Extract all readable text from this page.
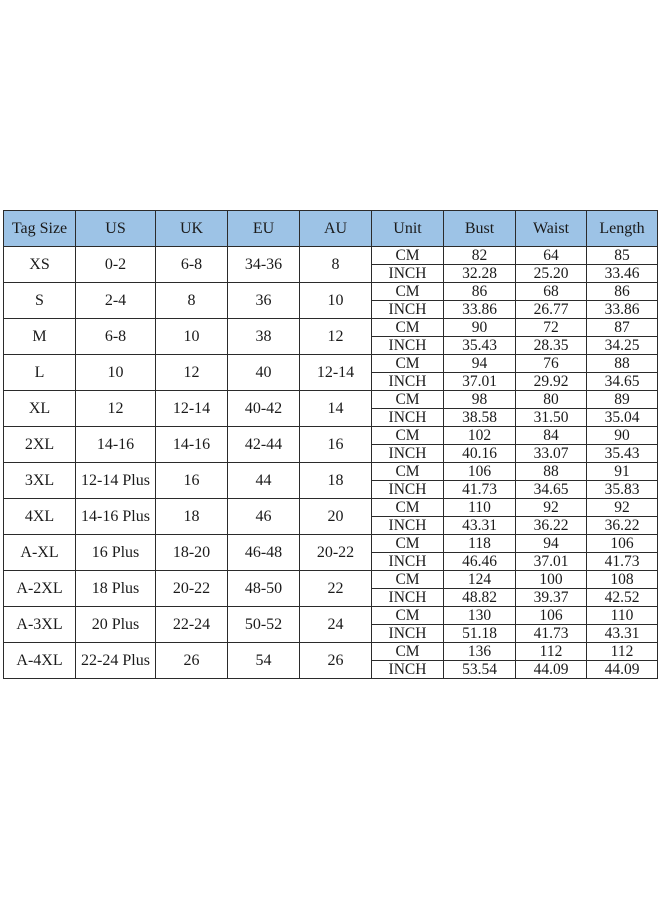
Tag Size	US	UK	EU	AU	Unit	Bust	Waist	Length
XS	0-2	6-8	34-36	8	CM	82	64	85
					INCH	32.28	25.20	33.46
S	2-4	8	36	10	CM	86	68	86
					INCH	33.86	26.77	33.86
M	6-8	10	38	12	CM	90	72	87
					INCH	35.43	28.35	34.25
L	10	12	40	12-14	CM	94	76	88
					INCH	37.01	29.92	34.65
XL	12	12-14	40-42	14	CM	98	80	89
					INCH	38.58	31.50	35.04
2XL	14-16	14-16	42-44	16	CM	102	84	90
					INCH	40.16	33.07	35.43
3XL	12-14 Plus	16	44	18	CM	106	88	91
					INCH	41.73	34.65	35.83
4XL	14-16 Plus	18	46	20	CM	110	92	92
					INCH	43.31	36.22	36.22
A-XL	16 Plus	18-20	46-48	20-22	CM	118	94	106
					INCH	46.46	37.01	41.73
A-2XL	18 Plus	20-22	48-50	22	CM	124	100	108
					INCH	48.82	39.37	42.52
A-3XL	20 Plus	22-24	50-52	24	CM	130	106	110
					INCH	51.18	41.73	43.31
A-4XL	22-24 Plus	26	54	26	CM	136	112	112
					INCH	53.54	44.09	44.09
